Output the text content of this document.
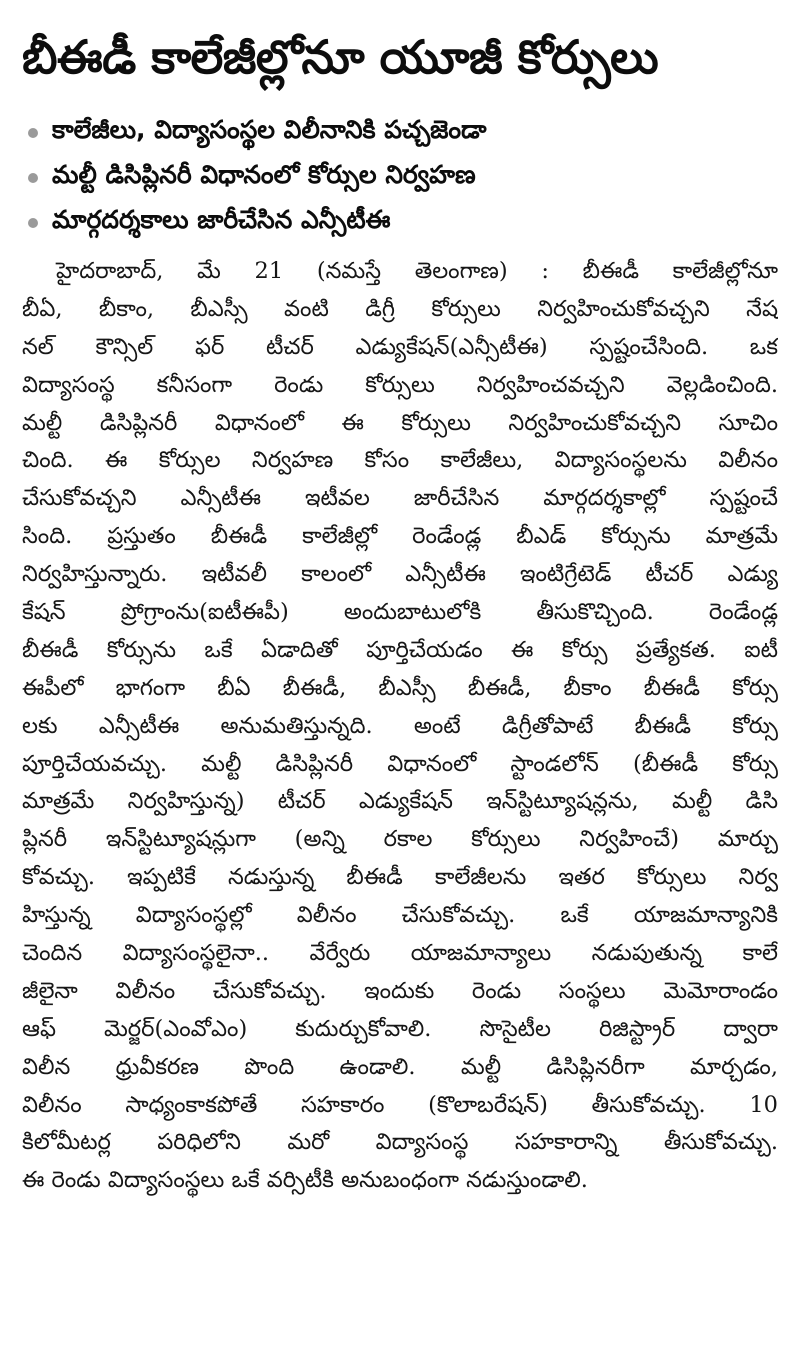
బీఈడీ కాలేజీల్లోనూ యూజీ కోర్సులు
కాలేజీలు, విద్యాసంస్థల విలీనానికి పచ్చజెండా
మల్టీ డిసిప్లినరీ విధానంలో కోర్సుల నిర్వహణ
మార్గదర్శకాలు జారీచేసిన ఎన్సీటీఈ
హైదరాబాద్, మే 21 (నమస్తే తెలంగాణ) : బీఈడీ కాలేజీల్లోనూ
బీఏ, బీకాం, బీఎస్సీ వంటి డిగ్రీ కోర్సులు నిర్వహించుకోవచ్చని నేష
నల్ కౌన్సిల్ ఫర్ టీచర్ ఎడ్యుకేషన్(ఎన్సీటీఈ) స్పష్టంచేసింది. ఒక
విద్యాసంస్థ కనీసంగా రెండు కోర్సులు నిర్వహించవచ్చని వెల్లడించింది.
మల్టీ డిసిప్లినరీ విధానంలో ఈ కోర్సులు నిర్వహించుకోవచ్చని సూచిం
చింది. ఈ కోర్సుల నిర్వహణ కోసం కాలేజీలు, విద్యాసంస్థలను విలీనం
చేసుకోవచ్చని ఎన్సీటీఈ ఇటీవల జారీచేసిన మార్గదర్శకాల్లో స్పష్టంచే
సింది. ప్రస్తుతం బీఈడీ కాలేజీల్లో రెండేండ్ల బీఎడ్ కోర్సును మాత్రమే
నిర్వహిస్తున్నారు. ఇటీవలీ కాలంలో ఎన్సీటీఈ ఇంటిగ్రేటెడ్ టీచర్ ఎడ్యు
కేషన్ ప్రోగ్రాంను(ఐటీఈపీ) అందుబాటులోకి తీసుకొచ్చింది. రెండేండ్ల
బీఈడీ కోర్సును ఒకే ఏడాదితో పూర్తిచేయడం ఈ కోర్సు ప్రత్యేకత. ఐటీ
ఈపీలో భాగంగా బీఏ బీఈడీ, బీఎస్సీ బీఈడీ, బీకాం బీఈడీ కోర్సు
లకు ఎన్సీటీఈ అనుమతిస్తున్నది. అంటే డిగ్రీతోపాటే బీఈడీ కోర్సు
పూర్తిచేయవచ్చు. మల్టీ డిసిప్లినరీ విధానంలో స్టాండలోన్ (బీఈడీ కోర్సు
మాత్రమే నిర్వహిస్తున్న) టీచర్ ఎడ్యుకేషన్ ఇన్‌స్టిట్యూషన్లను, మల్టీ డిసి
ప్లినరీ ఇన్‌స్టిట్యూషన్లుగా (అన్ని రకాల కోర్సులు నిర్వహించే) మార్చు
కోవచ్చు. ఇప్పటికే నడుస్తున్న బీఈడీ కాలేజీలను ఇతర కోర్సులు నిర్వ
హిస్తున్న విద్యాసంస్థల్లో విలీనం చేసుకోవచ్చు. ఒకే యాజమాన్యానికి
చెందిన విద్యాసంస్థలైనా.. వేర్వేరు యాజమాన్యాలు నడుపుతున్న కాలే
జీలైనా విలీనం చేసుకోవచ్చు. ఇందుకు రెండు సంస్థలు మెమోరాండం
ఆఫ్ మెర్జర్(ఎంవోఎం) కుదుర్చుకోవాలి. సొసైటీల రిజిస్ట్రార్ ద్వారా
విలీన ధ్రువీకరణ పొంది ఉండాలి. మల్టీ డిసిప్లినరీగా మార్చడం,
విలీనం సాధ్యంకాకపోతే సహకారం (కొలాబరేషన్) తీసుకోవచ్చు. 10
కిలోమీటర్ల పరిధిలోని మరో విద్యాసంస్థ సహకారాన్ని తీసుకోవచ్చు.
ఈ రెండు విద్యాసంస్థలు ఒకే వర్సిటీకి అనుబంధంగా నడుస్తుండాలి.
